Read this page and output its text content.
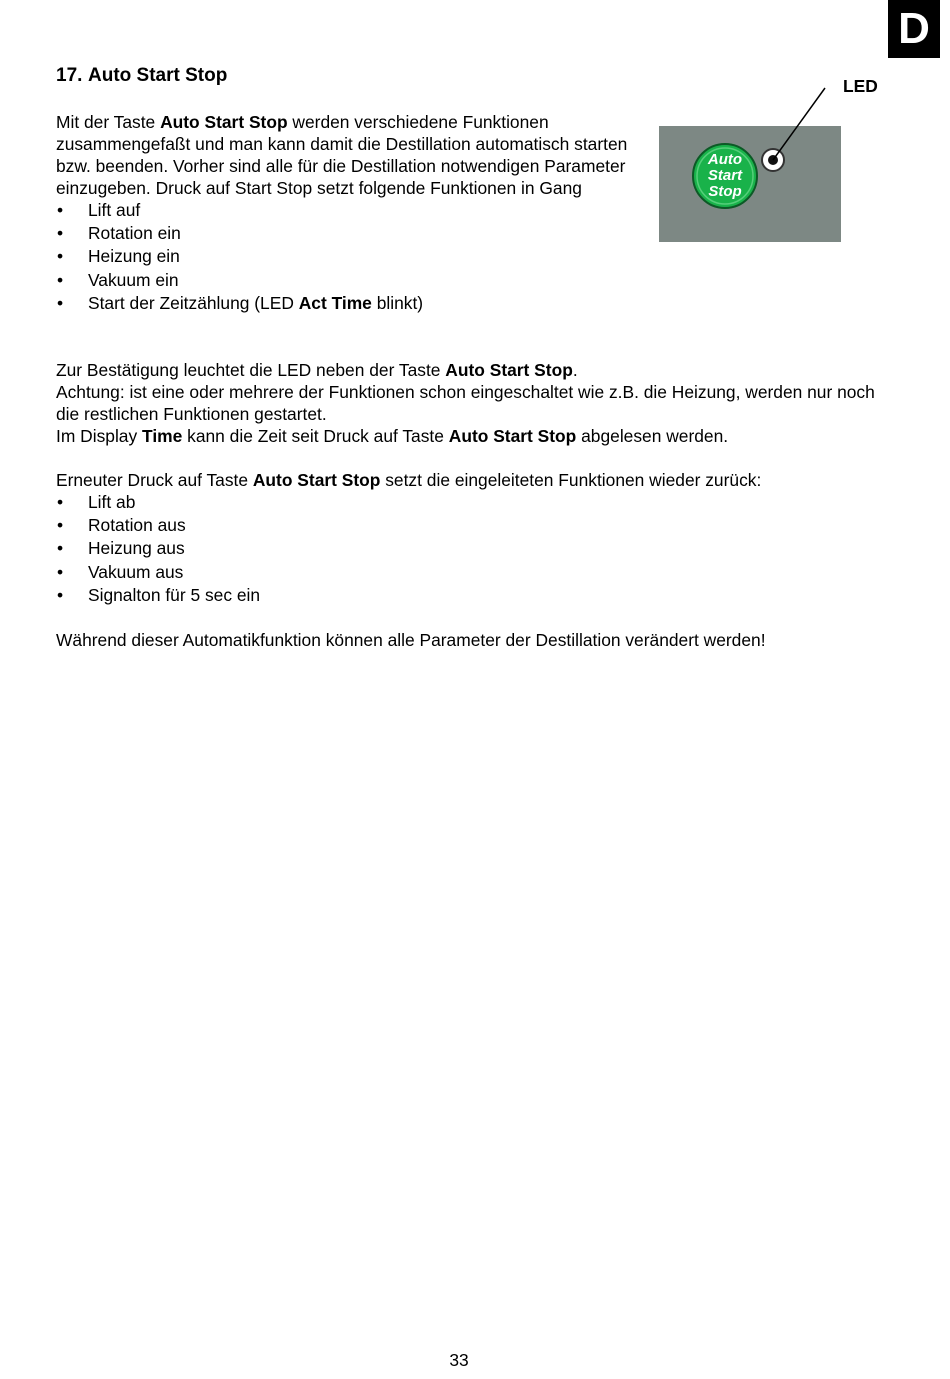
D
17. Auto Start Stop	LED
Auto
Start
Stop

Mit der Taste Auto Start Stop werden verschiedene Funktionen zusammengefaßt und man kann damit die Destillation automatisch starten bzw. beenden. Vorher sind alle für die Destillation notwendigen Parameter einzugeben. Druck auf Start Stop setzt folgende Funktionen in Gang

• Lift auf
• Rotation ein
• Heizung ein
• Vakuum ein
• Start der Zeitzählung (LED Act Time blinkt)

Zur Bestätigung leuchtet die LED neben der Taste Auto Start Stop.

Achtung: ist eine oder mehrere der Funktionen schon eingeschaltet wie z.B. die Heizung, werden nur noch die restlichen Funktionen gestartet.

Im Display Time kann die Zeit seit Druck auf Taste Auto Start Stop abgelesen werden.

Erneuter Druck auf Taste Auto Start Stop setzt die eingeleiteten Funktionen wieder zurück:

• Lift ab
• Rotation aus
• Heizung aus
• Vakuum aus
• Signalton für 5 sec ein

Während dieser Automatikfunktion können alle Parameter der Destillation verändert werden!

33
